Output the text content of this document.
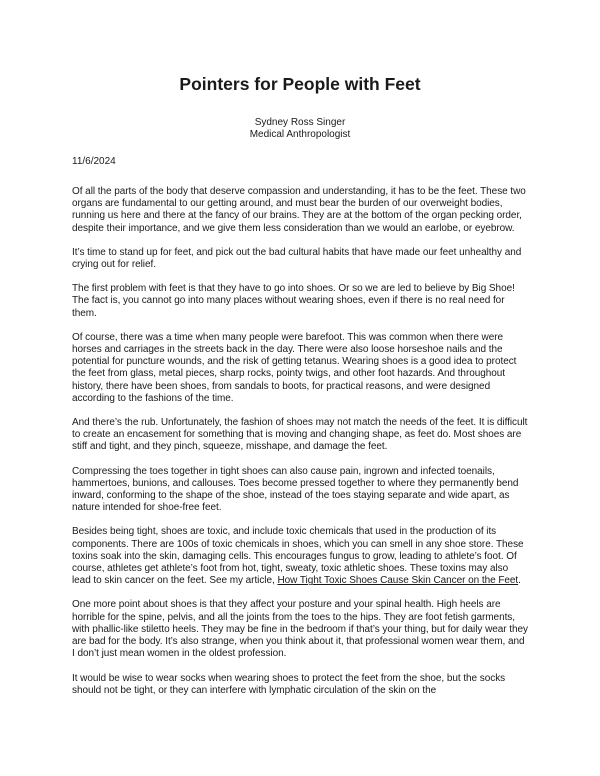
Pointers for People with Feet
Sydney Ross Singer
Medical Anthropologist
11/6/2024

Of all the parts of the body that deserve compassion and understanding, it has to be the feet. These two organs are fundamental to our getting around, and must bear the burden of our overweight bodies, running us here and there at the fancy of our brains. They are at the bottom of the organ pecking order, despite their importance, and we give them less consideration than we would an earlobe, or eyebrow.

It’s time to stand up for feet, and pick out the bad cultural habits that have made our feet unhealthy and crying out for relief.

The first problem with feet is that they have to go into shoes. Or so we are led to believe by Big Shoe! The fact is, you cannot go into many places without wearing shoes, even if there is no real need for them.

Of course, there was a time when many people were barefoot. This was common when there were horses and carriages in the streets back in the day. There were also loose horseshoe nails and the potential for puncture wounds, and the risk of getting tetanus. Wearing shoes is a good idea to protect the feet from glass, metal pieces, sharp rocks, pointy twigs, and other foot hazards. And throughout history, there have been shoes, from sandals to boots, for practical reasons, and were designed according to the fashions of the time.

And there’s the rub. Unfortunately, the fashion of shoes may not match the needs of the feet. It is difficult to create an encasement for something that is moving and changing shape, as feet do. Most shoes are stiff and tight, and they pinch, squeeze, misshape, and damage the feet.

Compressing the toes together in tight shoes can also cause pain, ingrown and infected toenails, hammertoes, bunions, and callouses. Toes become pressed together to where they permanently bend inward, conforming to the shape of the shoe, instead of the toes staying separate and wide apart, as nature intended for shoe-free feet.

Besides being tight, shoes are toxic, and include toxic chemicals that used in the production of its components. There are 100s of toxic chemicals in shoes, which you can smell in any shoe store. These toxins soak into the skin, damaging cells. This encourages fungus to grow, leading to athlete’s foot. Of course, athletes get athlete’s foot from hot, tight, sweaty, toxic athletic shoes. These toxins may also lead to skin cancer on the feet. See my article, How Tight Toxic Shoes Cause Skin Cancer on the Feet.

One more point about shoes is that they affect your posture and your spinal health. High heels are horrible for the spine, pelvis, and all the joints from the toes to the hips. They are foot fetish garments, with phallic-like stiletto heels. They may be fine in the bedroom if that’s your thing, but for daily wear they are bad for the body. It’s also strange, when you think about it, that professional women wear them, and I don’t just mean women in the oldest profession.

It would be wise to wear socks when wearing shoes to protect the feet from the shoe, but the socks should not be tight, or they can interfere with lymphatic circulation of the skin on the
